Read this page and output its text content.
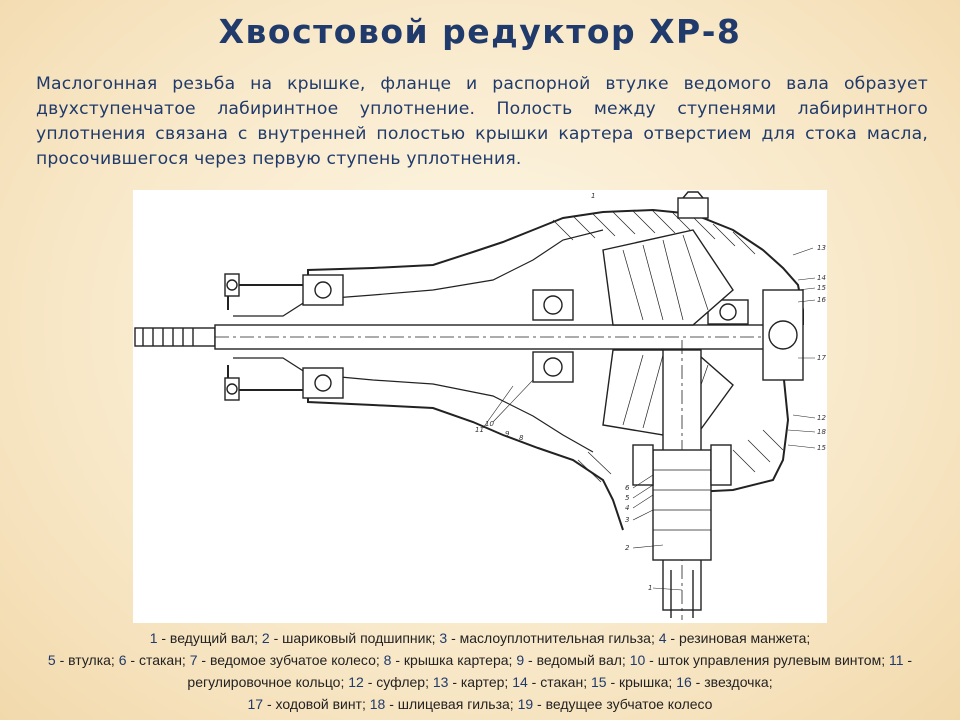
Хвостовой редуктор ХР-8
Маслогонная резьба на крышке, фланце и распорной втулке ведомого вала образует двухступенчатое лабиринтное уплотнение. Полость между ступенями лабиринтного уплотнения связана с внутренней полостью крышки картера отверстием для стока масла, просочившегося через первую ступень уплотнения.
1
1
2
3
4
5
6
13
14
15
16
17
12
18
15
10
11	9 8
1 - ведущий вал; 2 - шариковый подшипник; 3 - маслоуплотнительная гильза; 4 - резиновая манжета;
5 - втулка; 6 - стакан; 7 - ведомое зубчатое колесо; 8 - крышка картера; 9 - ведомый вал; 10 - шток управления рулевым винтом; 11 - регулировочное кольцо; 12 - суфлер; 13 - картер; 14 - стакан; 15 - крышка; 16 - звездочка;
17 - ходовой винт; 18 - шлицевая гильза; 19 - ведущее зубчатое колесо
